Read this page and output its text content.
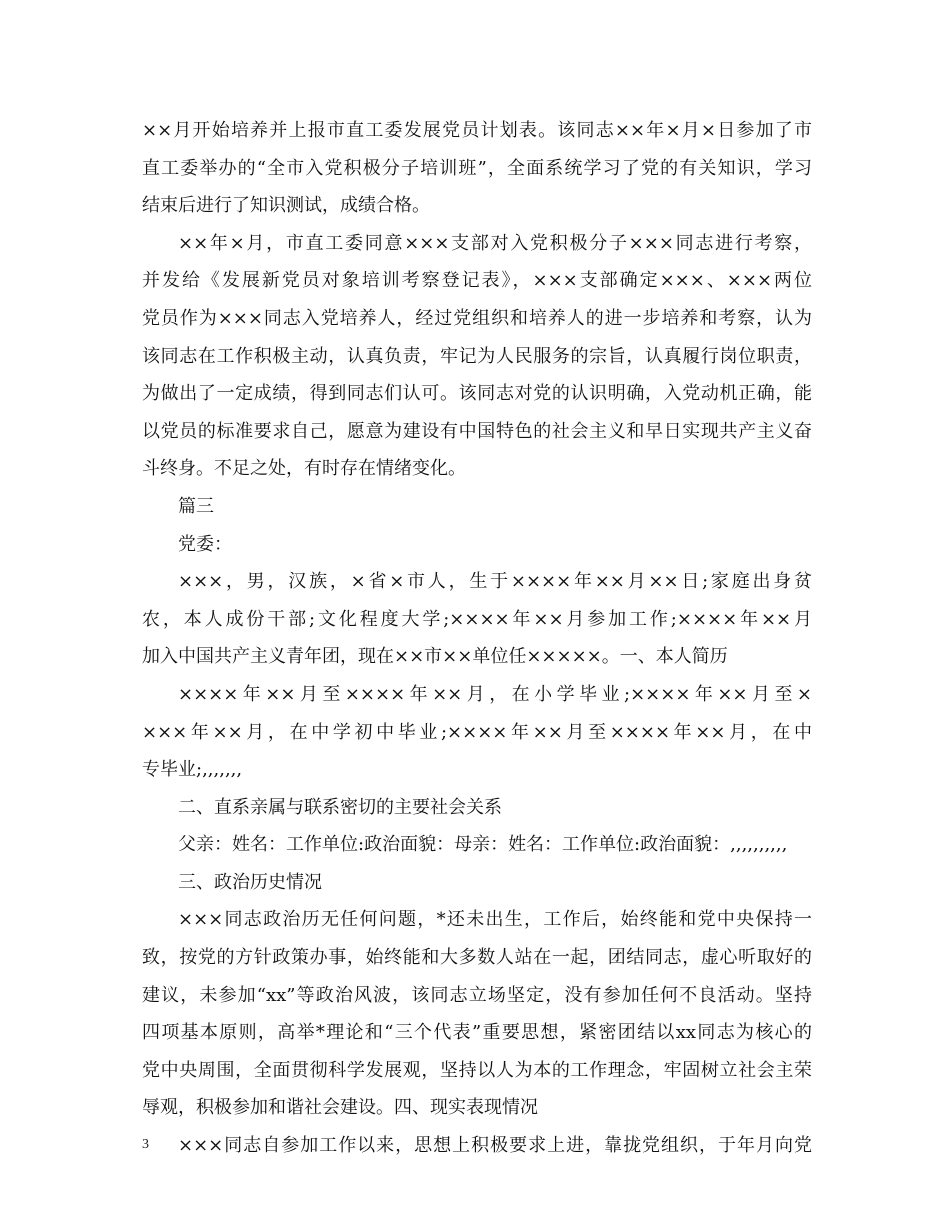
××月开始培养并上报市直工委发展党员计划表。该同志××年×月×日参加了市
直工委举办的“全市入党积极分子培训班”，全面系统学习了党的有关知识，学习
结束后进行了知识测试，成绩合格。
××年×月，市直工委同意×××支部对入党积极分子×××同志进行考察，
并发给《发展新党员对象培训考察登记表》，×××支部确定×××、×××两位
党员作为×××同志入党培养人，经过党组织和培养人的进一步培养和考察，认为
该同志在工作积极主动，认真负责，牢记为人民服务的宗旨，认真履行岗位职责，
为做出了一定成绩，得到同志们认可。该同志对党的认识明确，入党动机正确，能
以党员的标准要求自己，愿意为建设有中国特色的社会主义和早日实现共产主义奋
斗终身。不足之处，有时存在情绪变化。
篇三
党委：
×××，男，汉族，×省×市人，生于××××年××月××日;家庭出身贫
农，本人成份干部;文化程度大学;××××年××月参加工作;××××年××月
加入中国共产主义青年团，现在××市××单位任×××××。一、本人简历
××××年××月至××××年××月，在小学毕业;××××年××月至×
×××年××月，在中学初中毕业;××××年××月至××××年××月，在中
专毕业;,,,,,,,
二、直系亲属与联系密切的主要社会关系
父亲：姓名：工作单位:政治面貌：母亲：姓名：工作单位:政治面貌：,,,,,,,,,,
三、政治历史情况
×××同志政治历无任何问题，*还未出生，工作后，始终能和党中央保持一
致，按党的方针政策办事，始终能和大多数人站在一起，团结同志，虚心听取好的
建议，未参加“xx”等政治风波，该同志立场坚定，没有参加任何不良活动。坚持
四项基本原则，高举*理论和“三个代表”重要思想，紧密团结以xx同志为核心的
党中央周围，全面贯彻科学发展观，坚持以人为本的工作理念，牢固树立社会主荣
辱观，积极参加和谐社会建设。四、现实表现情况
×××同志自参加工作以来，思想上积极要求上进，靠拢党组织，于年月向党
3
